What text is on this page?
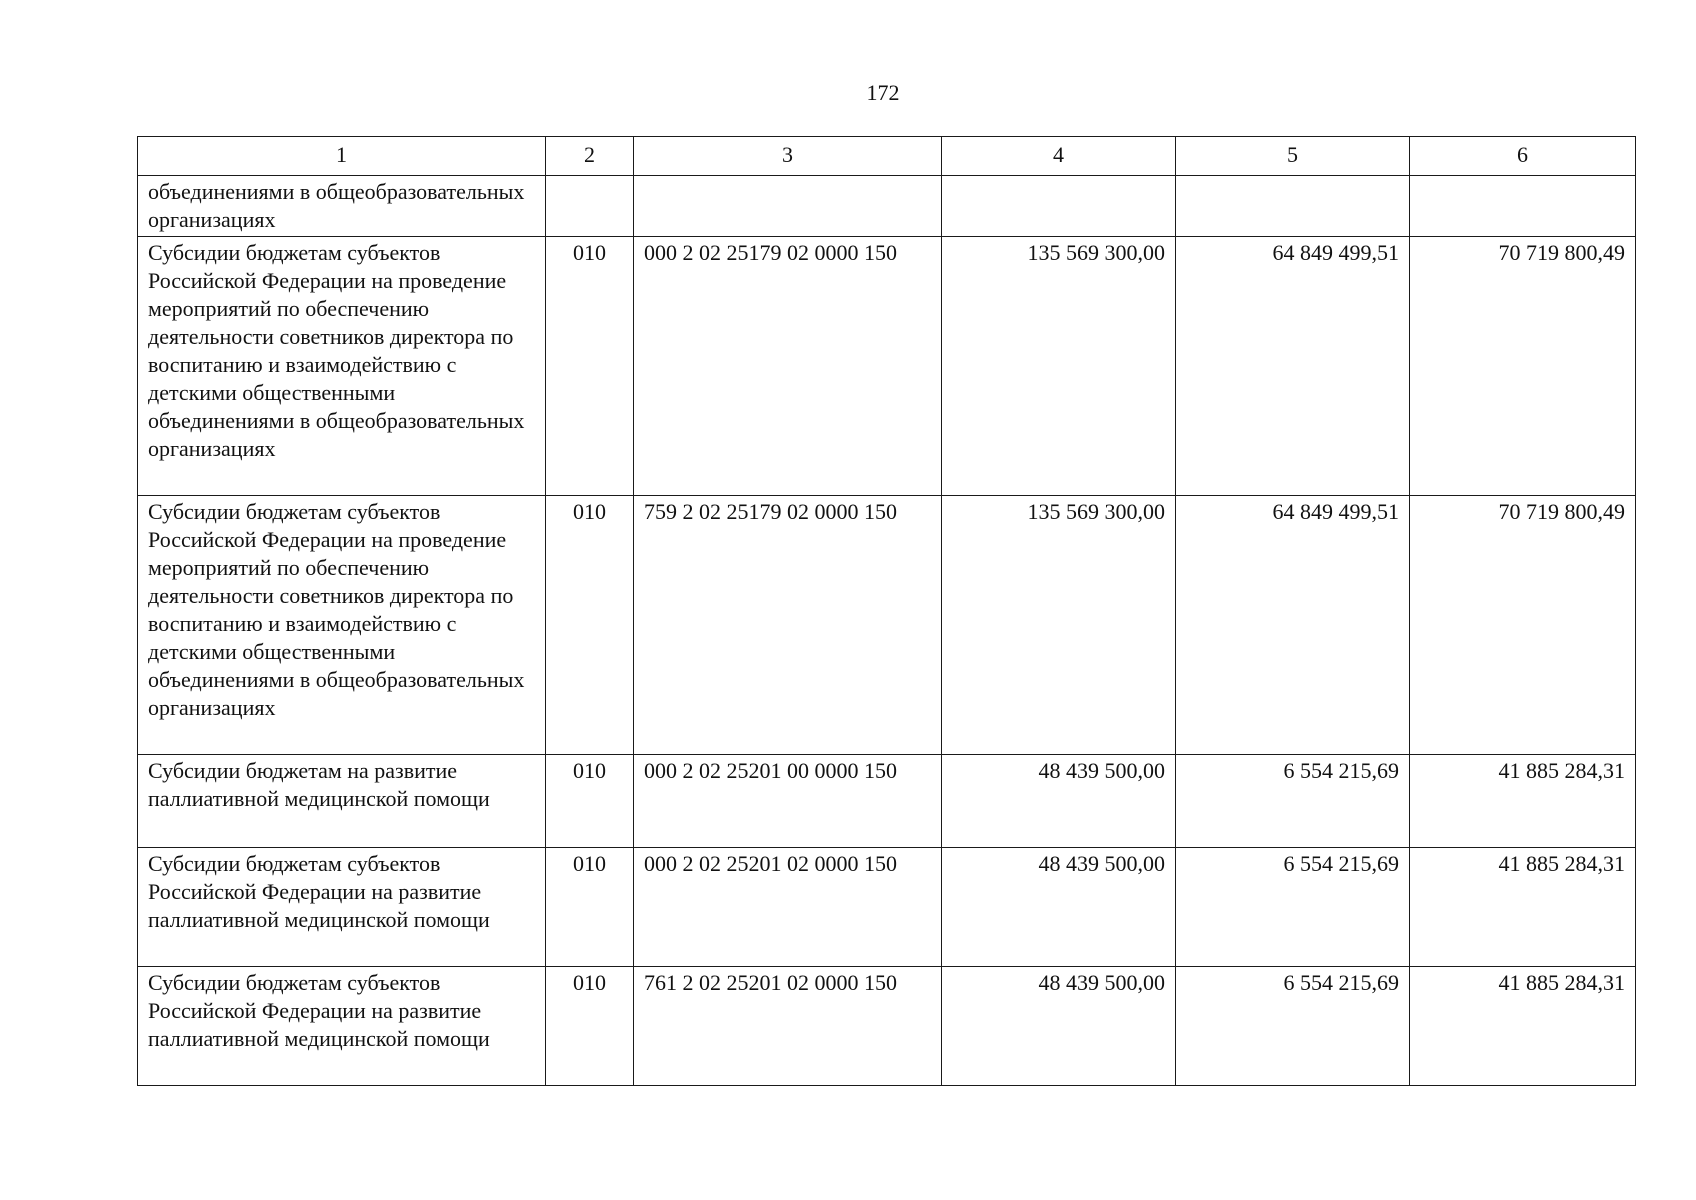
172
1	2	3	4	5	6
объединениями в общеобразовательных организациях					
Субсидии бюджетам субъектов Российской Федерации на проведение мероприятий по обеспечению деятельности советников директора по воспитанию и взаимодействию с детскими общественными объединениями в общеобразовательных организациях	010	000 2 02 25179 02 0000 150	135 569 300,00	64 849 499,51	70 719 800,49
Субсидии бюджетам субъектов Российской Федерации на проведение мероприятий по обеспечению деятельности советников директора по воспитанию и взаимодействию с детскими общественными объединениями в общеобразовательных организациях	010	759 2 02 25179 02 0000 150	135 569 300,00	64 849 499,51	70 719 800,49
Субсидии бюджетам на развитие паллиативной медицинской помощи	010	000 2 02 25201 00 0000 150	48 439 500,00	6 554 215,69	41 885 284,31
Субсидии бюджетам субъектов Российской Федерации на развитие паллиативной медицинской помощи	010	000 2 02 25201 02 0000 150	48 439 500,00	6 554 215,69	41 885 284,31
Субсидии бюджетам субъектов Российской Федерации на развитие паллиативной медицинской помощи	010	761 2 02 25201 02 0000 150	48 439 500,00	6 554 215,69	41 885 284,31
